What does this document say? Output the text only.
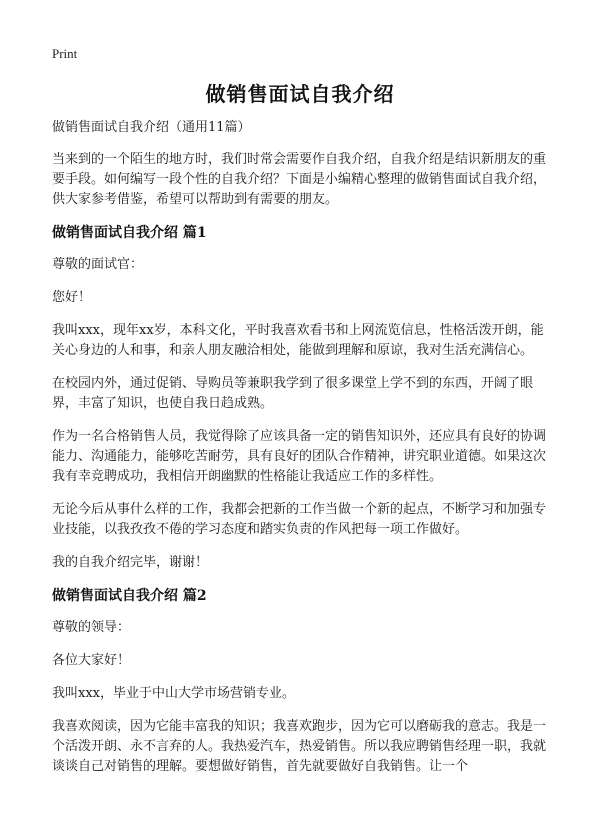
Print
做销售面试自我介绍

做销售面试自我介绍（通用11篇）

当来到的一个陌生的地方时，我们时常会需要作自我介绍，自我介绍是结识新朋友的重要手段。如何编写一段个性的自我介绍？下面是小编精心整理的做销售面试自我介绍，供大家参考借鉴，希望可以帮助到有需要的朋友。

做销售面试自我介绍 篇1

尊敬的面试官：

您好！

我叫xxx，现年xx岁，本科文化，平时我喜欢看书和上网流览信息，性格活泼开朗，能关心身边的人和事，和亲人朋友融洽相处，能做到理解和原谅，我对生活充满信心。

在校园内外，通过促销、导购员等兼职我学到了很多课堂上学不到的东西，开阔了眼界，丰富了知识，也使自我日趋成熟。

作为一名合格销售人员，我觉得除了应该具备一定的销售知识外，还应具有良好的协调能力、沟通能力，能够吃苦耐劳，具有良好的团队合作精神，讲究职业道德。如果这次我有幸竞聘成功，我相信开朗幽默的性格能让我适应工作的多样性。

无论今后从事什么样的工作，我都会把新的工作当做一个新的起点，不断学习和加强专业技能，以我孜孜不倦的学习态度和踏实负责的作风把每一项工作做好。

我的自我介绍完毕，谢谢！

做销售面试自我介绍 篇2

尊敬的领导：

各位大家好！

我叫xxx，毕业于中山大学市场营销专业。

我喜欢阅读，因为它能丰富我的知识；我喜欢跑步，因为它可以磨砺我的意志。我是一个活泼开朗、永不言弃的人。我热爱汽车，热爱销售。所以我应聘销售经理一职，我就谈谈自己对销售的理解。要想做好销售，首先就要做好自我销售。让一个
